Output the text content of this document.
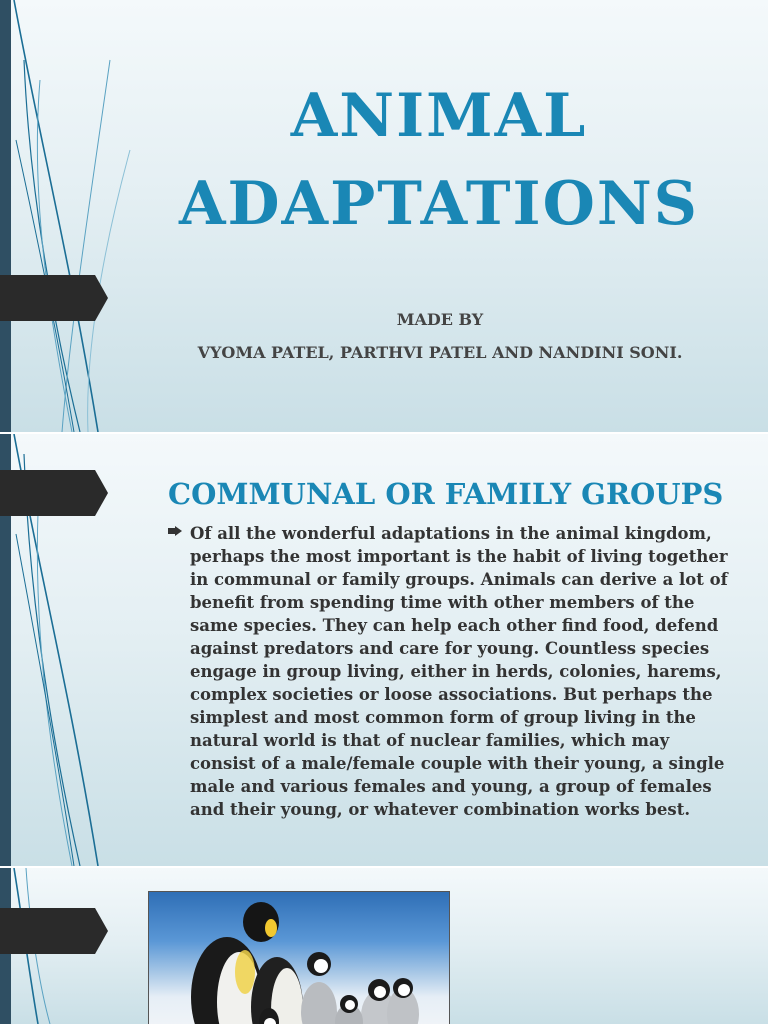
ANIMAL
ADAPTATIONS

MADE BY

VYOMA PATEL, PARTHVI PATEL AND NANDINI SONI.

COMMUNAL OR FAMILY GROUPS

Of all the wonderful adaptations in the animal kingdom, perhaps the most important is the habit of living together in communal or family groups. Animals can derive a lot of benefit from spending time with other members of the same species. They can help each other find food, defend against predators and care for young. Countless species engage in group living, either in herds, colonies, harems, complex societies or loose associations. But perhaps the simplest and most common form of group living in the natural world is that of nuclear families, which may consist of a male/female couple with their young, a single male and various females and young, a group of females and their young, or whatever combination works best.
